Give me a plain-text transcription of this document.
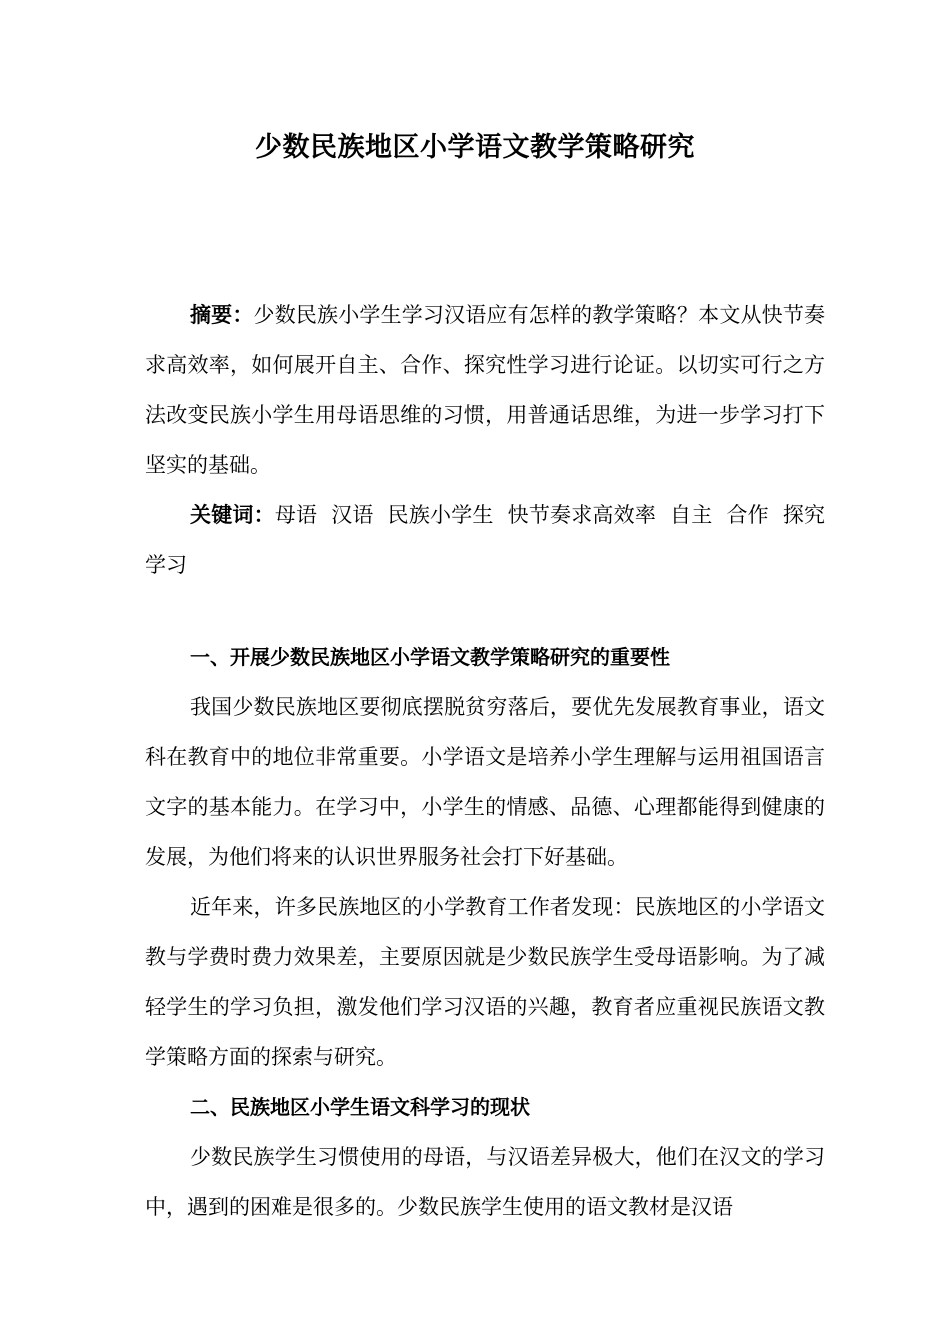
少数民族地区小学语文教学策略研究

摘要：少数民族小学生学习汉语应有怎样的教学策略？本文从快节奏求高效率，如何展开自主、合作、探究性学习进行论证。以切实可行之方法改变民族小学生用母语思维的习惯，用普通话思维，为进一步学习打下坚实的基础。

关键词：母语 汉语 民族小学生 快节奏求高效率 自主 合作 探究学习

一、开展少数民族地区小学语文教学策略研究的重要性

我国少数民族地区要彻底摆脱贫穷落后，要优先发展教育事业，语文科在教育中的地位非常重要。小学语文是培养小学生理解与运用祖国语言文字的基本能力。在学习中，小学生的情感、品德、心理都能得到健康的发展，为他们将来的认识世界服务社会打下好基础。

近年来，许多民族地区的小学教育工作者发现：民族地区的小学语文教与学费时费力效果差，主要原因就是少数民族学生受母语影响。为了减轻学生的学习负担，激发他们学习汉语的兴趣，教育者应重视民族语文教学策略方面的探索与研究。

二、民族地区小学生语文科学习的现状

少数民族学生习惯使用的母语，与汉语差异极大，他们在汉文的学习中，遇到的困难是很多的。少数民族学生使用的语文教材是汉语
